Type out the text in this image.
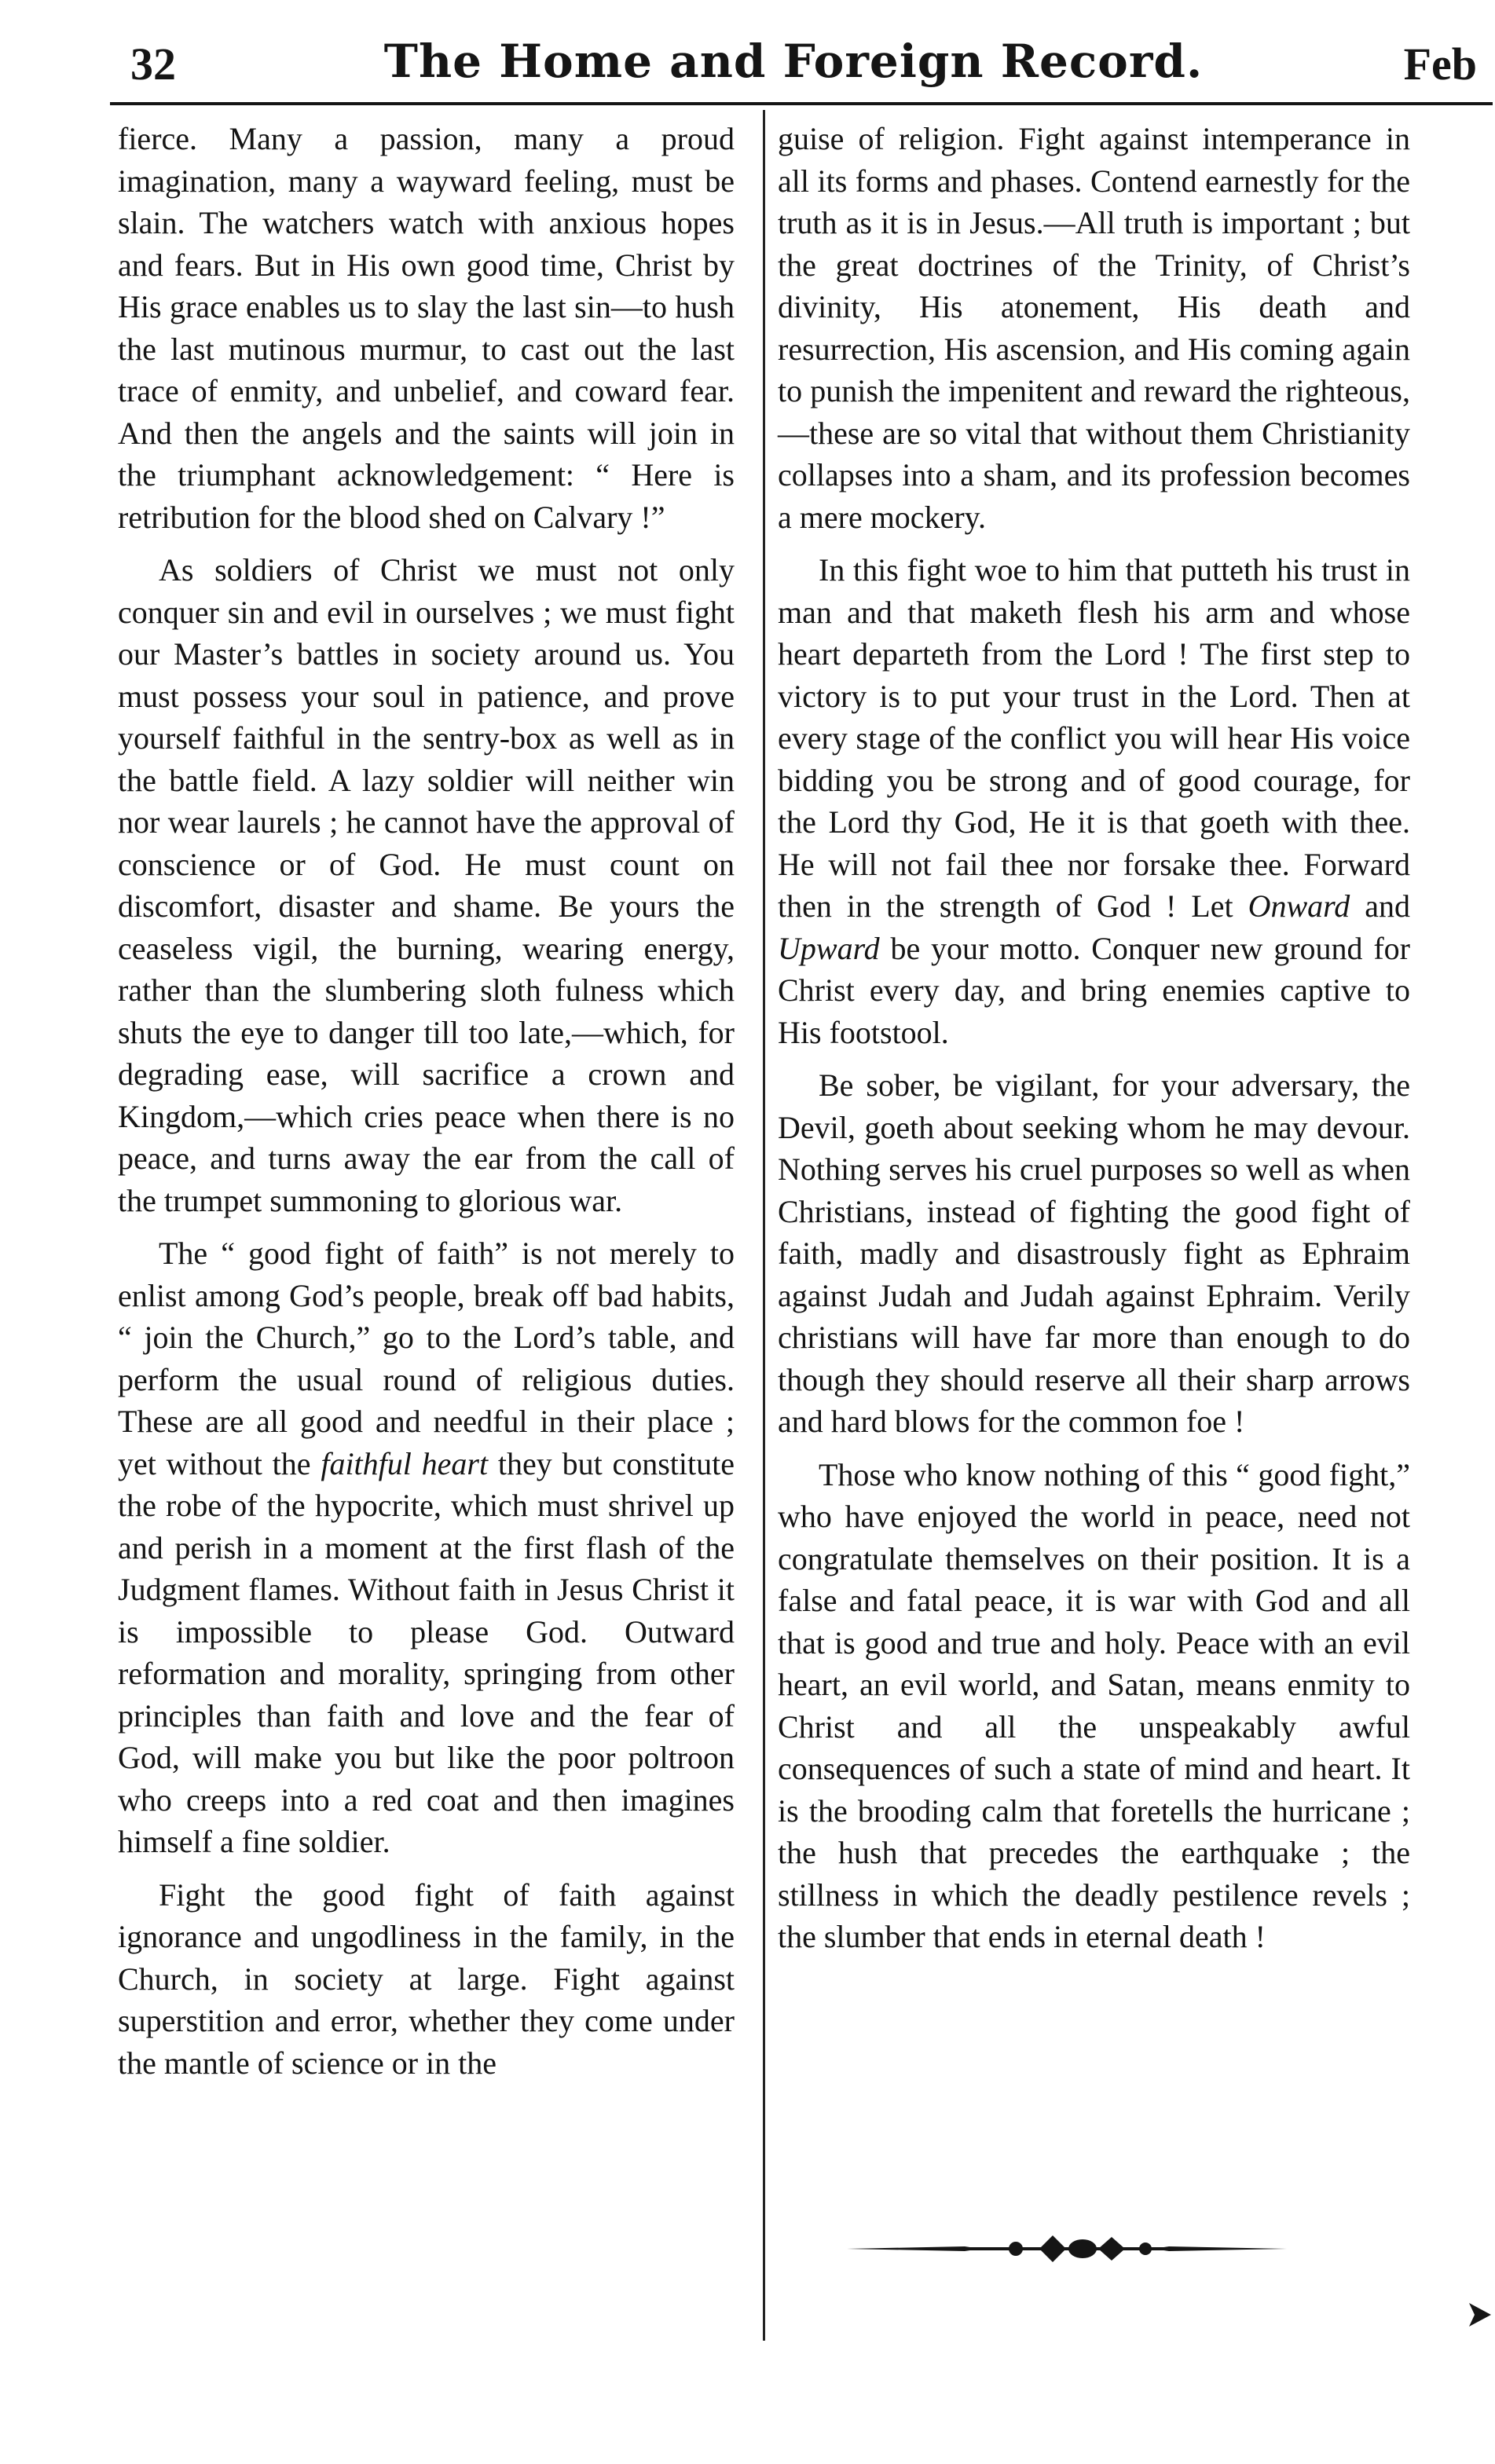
32	The Home and Foreign Record.	Feb

fierce. Many a passion, many a proud imagination, many a wayward feeling, must be slain. The watchers watch with anxious hopes and fears. But in His own good time, Christ by His grace enables us to slay the last sin—to hush the last mutinous murmur, to cast out the last trace of enmity, and unbelief, and coward fear. And then the angels and the saints will join in the triumphant acknowledgement: “ Here is retribution for the blood shed on Calvary !”

As soldiers of Christ we must not only conquer sin and evil in ourselves ; we must fight our Master’s battles in society around us. You must possess your soul in patience, and prove yourself faithful in the sentry-box as well as in the battle field. A lazy soldier will neither win nor wear laurels ; he cannot have the approval of conscience or of God. He must count on discomfort, disaster and shame. Be yours the ceaseless vigil, the burning, wearing energy, rather than the slumbering sloth fulness which shuts the eye to danger till too late,—which, for degrading ease, will sacrifice a crown and Kingdom,—which cries peace when there is no peace, and turns away the ear from the call of the trumpet summoning to glorious war.

The “ good fight of faith” is not merely to enlist among God’s people, break off bad habits, “ join the Church,” go to the Lord’s table, and perform the usual round of religious duties. These are all good and needful in their place ; yet without the faithful heart they but constitute the robe of the hypocrite, which must shrivel up and perish in a moment at the first flash of the Judgment flames. Without faith in Jesus Christ it is impossible to please God. Outward reformation and morality, springing from other principles than faith and love and the fear of God, will make you but like the poor poltroon who creeps into a red coat and then imagines himself a fine soldier.

Fight the good fight of faith against ignorance and ungodliness in the family, in the Church, in society at large. Fight against superstition and error, whether they come under the mantle of science or in the

guise of religion. Fight against intemperance in all its forms and phases. Contend earnestly for the truth as it is in Jesus.—All truth is important ; but the great doctrines of the Trinity, of Christ’s divinity, His atonement, His death and resurrection, His ascension, and His coming again to punish the impenitent and reward the righteous,—these are so vital that without them Christianity collapses into a sham, and its profession becomes a mere mockery.

In this fight woe to him that putteth his trust in man and that maketh flesh his arm and whose heart departeth from the Lord ! The first step to victory is to put your trust in the Lord. Then at every stage of the conflict you will hear His voice bidding you be strong and of good courage, for the Lord thy God, He it is that goeth with thee. He will not fail thee nor forsake thee. Forward then in the strength of God ! Let Onward and Upward be your motto. Conquer new ground for Christ every day, and bring enemies captive to His footstool.

Be sober, be vigilant, for your adversary, the Devil, goeth about seeking whom he may devour. Nothing serves his cruel purposes so well as when Christians, instead of fighting the good fight of faith, madly and disastrously fight as Ephraim against Judah and Judah against Ephraim. Verily christians will have far more than enough to do though they should reserve all their sharp arrows and hard blows for the common foe !

Those who know nothing of this “ good fight,” who have enjoyed the world in peace, need not congratulate themselves on their position. It is a false and fatal peace, it is war with God and all that is good and true and holy. Peace with an evil heart, an evil world, and Satan, means enmity to Christ and all the unspeakably awful consequences of such a state of mind and heart. It is the brooding calm that foretells the hurricane ; the hush that precedes the earthquake ; the stillness in which the deadly pestilence revels ; the slumber that ends in eternal death !
